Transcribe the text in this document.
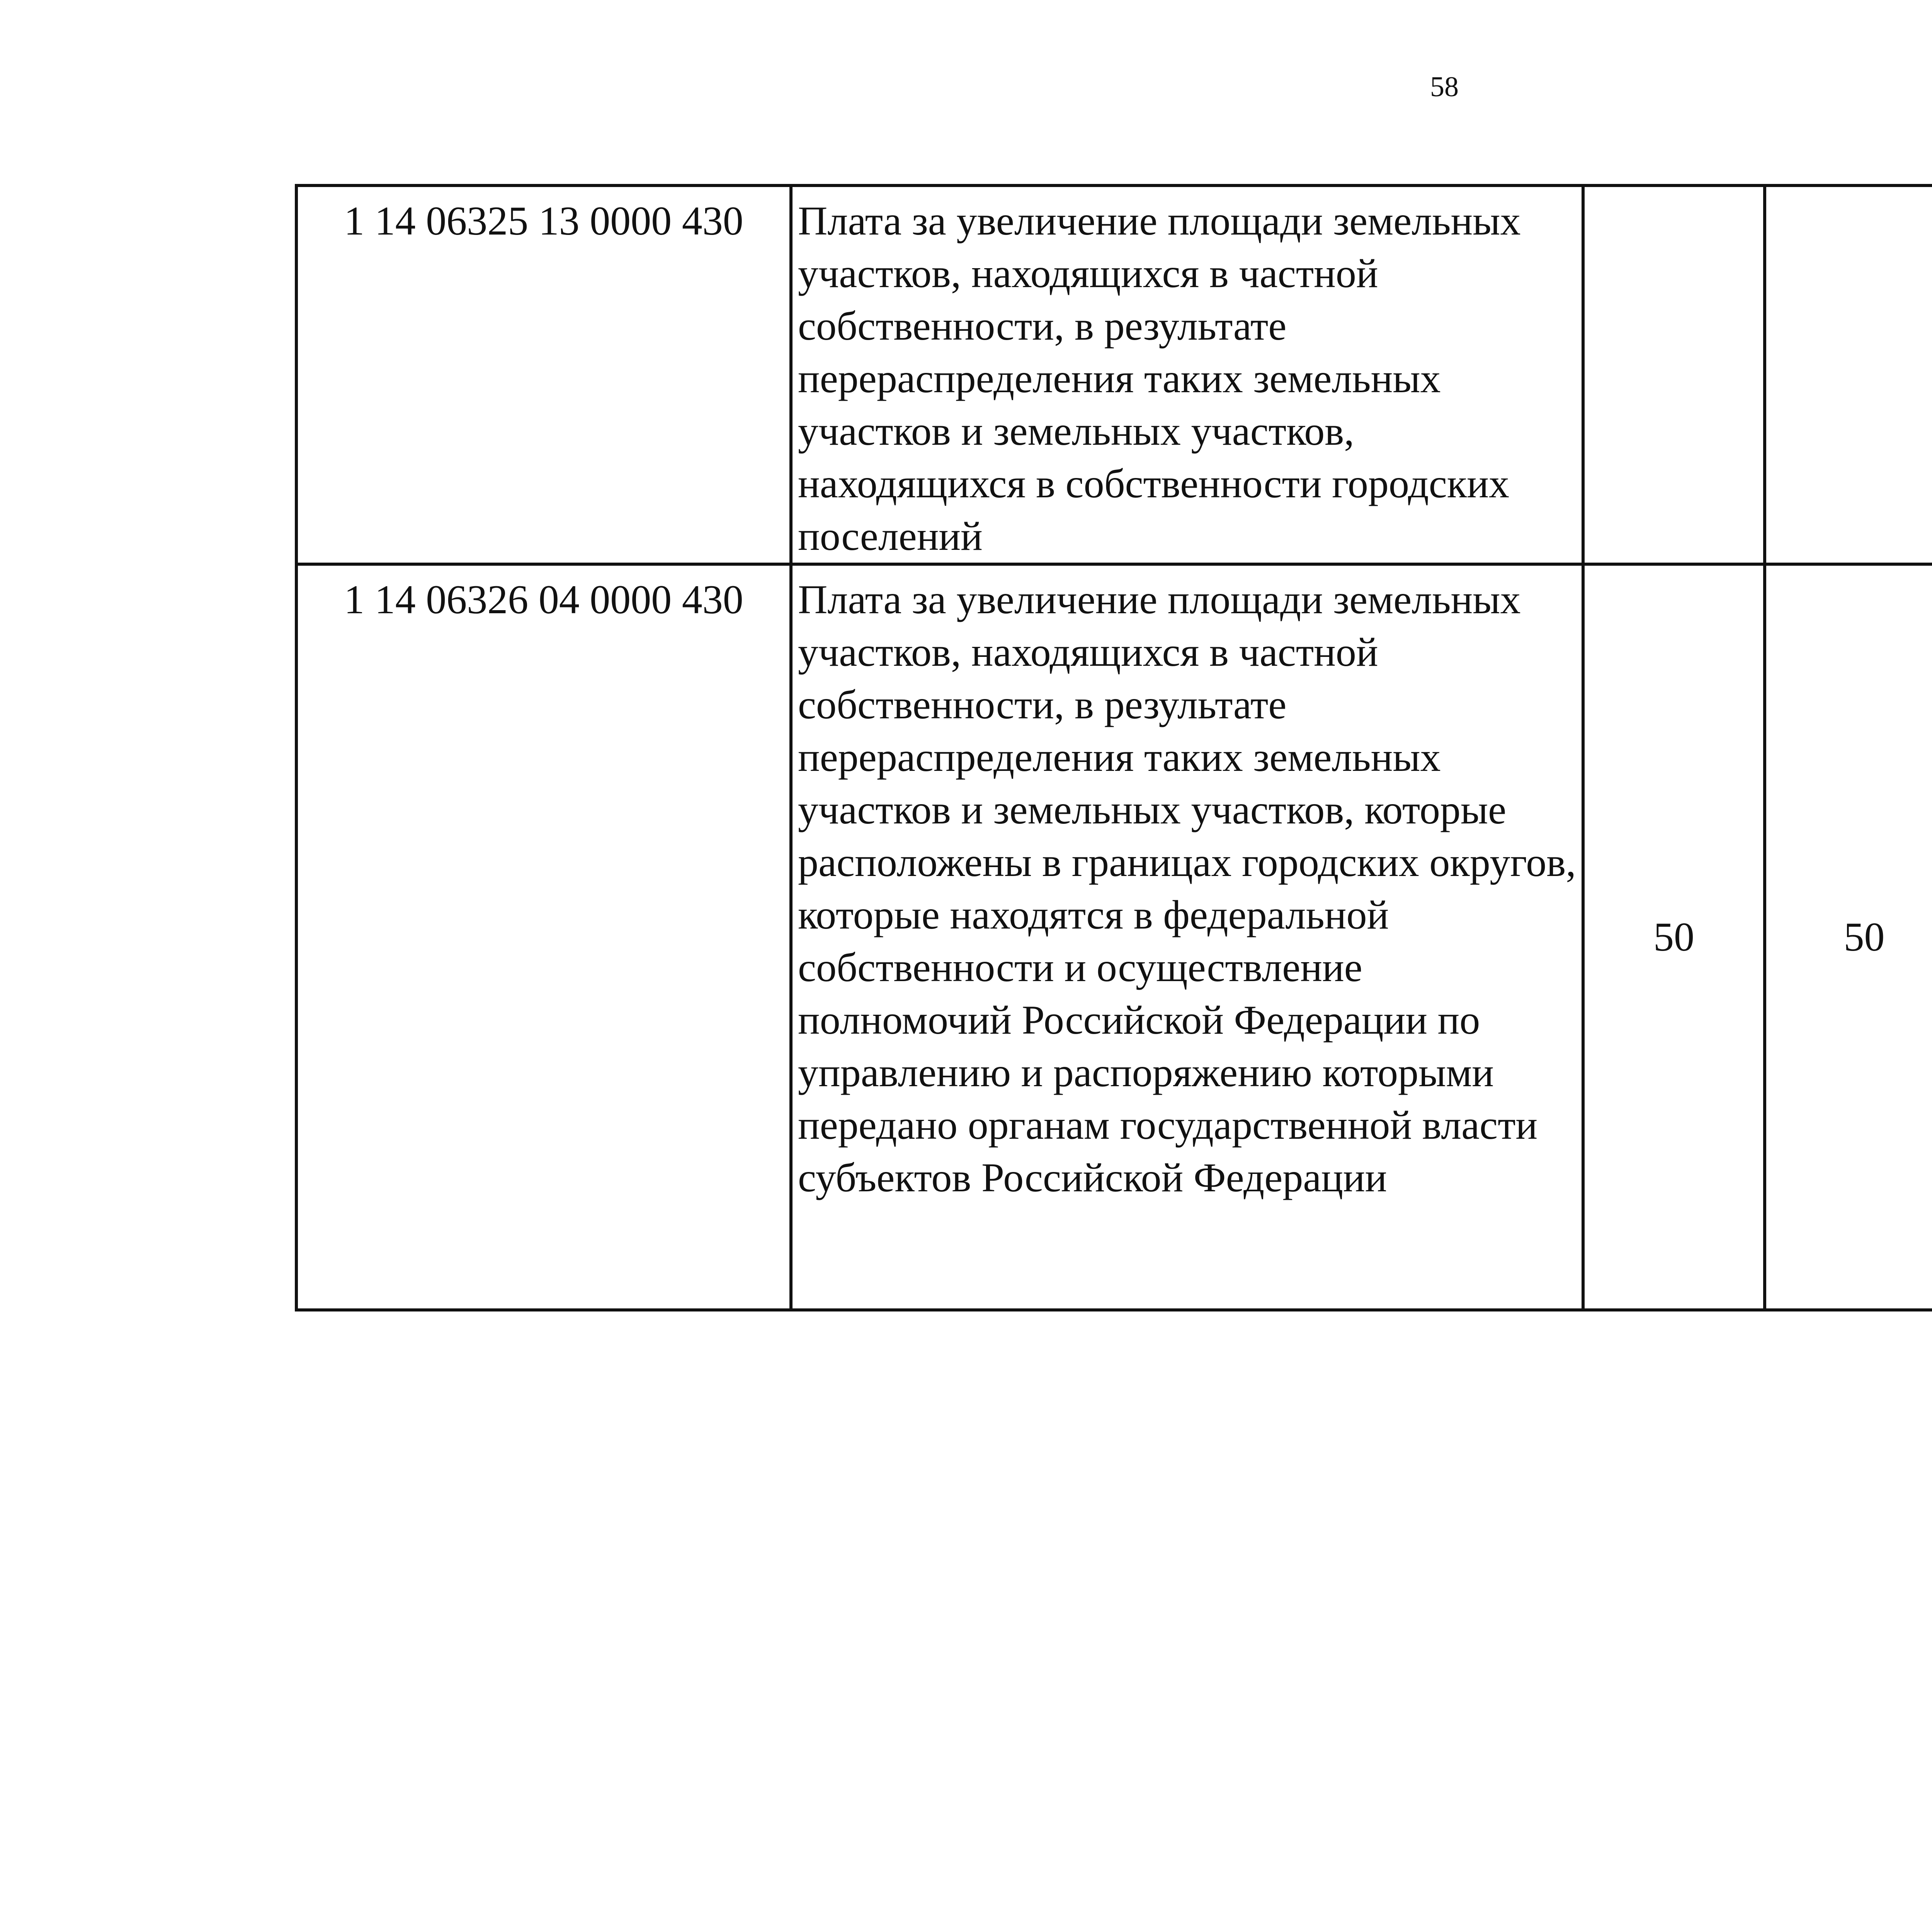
58
1 14 06325 13 0000 430	Плата за увеличение площади земельных участков, находящихся в частной собственности, в результате перераспределения таких земельных участков и земельных участков, находящихся в собственности городских поселений					
1 14 06326 04 0000 430	Плата за увеличение площади земельных участков, находящихся в частной собственности, в результате перераспределения таких земельных участков и земельных участков, которые расположены в границах городских округов, которые находятся в федеральной собственности и осуществление полномочий Российской Федерации по управлению и распоряжению которыми передано органам государственной власти субъектов Российской Федерации	50	50			
